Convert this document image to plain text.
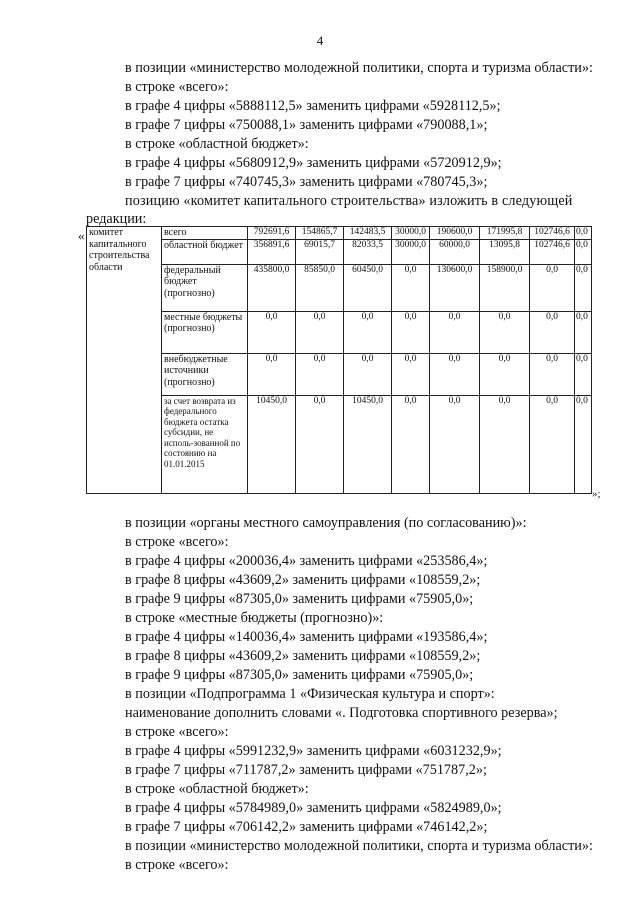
4
в позиции «министерство молодежной политики, спорта и туризма области»:
в строке «всего»:
в графе 4 цифры «5888112,5» заменить цифрами «5928112,5»;
в графе 7 цифры «750088,1» заменить цифрами «790088,1»;
в строке «областной бюджет»:
в графе 4 цифры «5680912,9» заменить цифрами «5720912,9»;
в графе 7 цифры «740745,3» заменить цифрами «780745,3»;
позицию «комитет капитального строительства» изложить в следующей
редакции:
« комитет капитального строительства области	всего	792691,6	154865,7	142483,5	30000,0	190600,0	171995,8	102746,6	0,0
	областной бюджет	356891,6	69015,7	82033,5	30000,0	60000,0	13095,8	102746,6	0,0
	федеральный бюджет (прогнозно)	435800,0	85850,0	60450,0	0,0	130600,0	158900,0	0,0	0,0
	местные бюджеты (прогнозно)	0,0	0,0	0,0	0,0	0,0	0,0	0,0	0,0
	внебюджетные источники (прогнозно)	0,0	0,0	0,0	0,0	0,0	0,0	0,0	0,0
	за счет возврата из федерального бюджета остатка субсидии, не исполь-зованной по состоянию на 01.01.2015	10450,0	0,0	10450,0	0,0	0,0	0,0	0,0	0,0
»;
в позиции «органы местного самоуправления (по согласованию)»:
в строке «всего»:
в графе 4 цифры «200036,4» заменить цифрами «253586,4»;
в графе 8 цифры «43609,2» заменить цифрами «108559,2»;
в графе 9 цифры «87305,0» заменить цифрами «75905,0»;
в строке «местные бюджеты (прогнозно)»:
в графе 4 цифры «140036,4» заменить цифрами «193586,4»;
в графе 8 цифры «43609,2» заменить цифрами «108559,2»;
в графе 9 цифры «87305,0» заменить цифрами «75905,0»;
в позиции «Подпрограмма 1 «Физическая культура и спорт»:
наименование дополнить словами «. Подготовка спортивного резерва»;
в строке «всего»:
в графе 4 цифры «5991232,9» заменить цифрами «6031232,9»;
в графе 7 цифры «711787,2» заменить цифрами «751787,2»;
в строке «областной бюджет»:
в графе 4 цифры «5784989,0» заменить цифрами «5824989,0»;
в графе 7 цифры «706142,2» заменить цифрами «746142,2»;
в позиции «министерство молодежной политики, спорта и туризма области»:
в строке «всего»:
